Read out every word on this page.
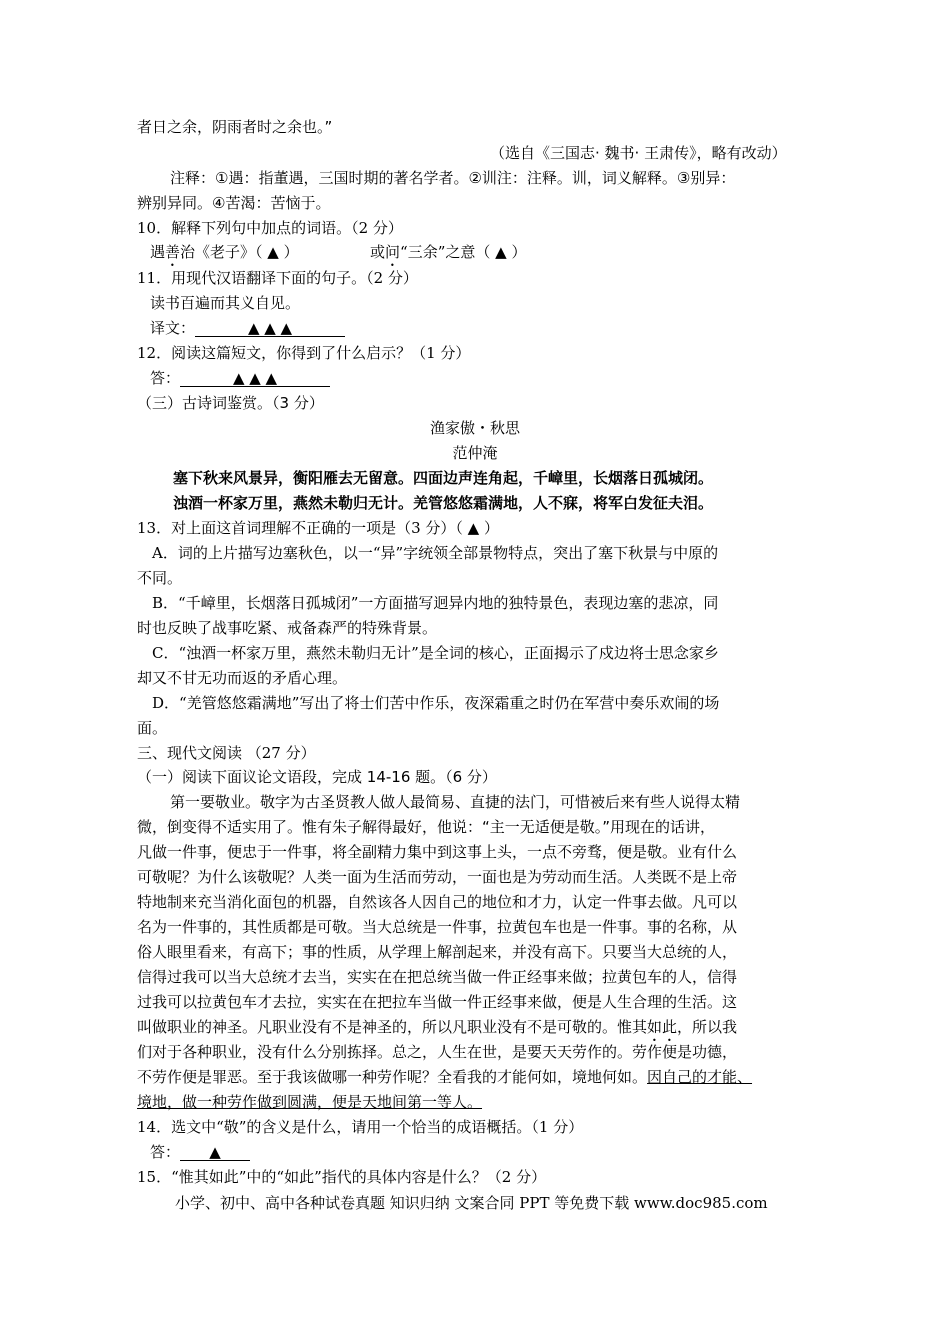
者日之余，阴雨者时之余也。”
（选自《三国志· 魏书· 王肃传》，略有改动）
注释：①遇：指董遇，三国时期的著名学者。②训注：注释。训，词义解释。③别异：
辨别异同。④苦渴：苦恼于。
10．解释下列句中加点的词语。（2 分）
遇善治《老子》（ ▲ ）	或问“三余”之意（ ▲ ）
11．用现代汉语翻译下面的句子。（2 分）
读书百遍而其义自见。
译文：	▲ ▲ ▲
12．阅读这篇短文，你得到了什么启示？（1 分）
答：	▲ ▲ ▲
（三）古诗词鉴赏。（3 分）
渔家傲・秋思
范仲淹
塞下秋来风景异，衡阳雁去无留意。四面边声连角起，千嶂里，长烟落日孤城闭。
浊酒一杯家万里，燕然未勒归无计。羌管悠悠霜满地，人不寐，将军白发征夫泪。
13．对上面这首词理解不正确的一项是（3 分）（ ▲ ）
A．词的上片描写边塞秋色，以一“异”字统领全部景物特点，突出了塞下秋景与中原的
不同。
B．“千嶂里，长烟落日孤城闭”一方面描写迥异内地的独特景色，表现边塞的悲凉，同
时也反映了战事吃紧、戒备森严的特殊背景。
C．“浊酒一杯家万里，燕然未勒归无计”是全词的核心，正面揭示了戍边将士思念家乡
却又不甘无功而返的矛盾心理。
D．“羌管悠悠霜满地”写出了将士们苦中作乐，夜深霜重之时仍在军营中奏乐欢闹的场
面。
三、现代文阅读 （27 分）
（一）阅读下面议论文语段，完成 14-16 题。（6 分）
第一要敬业。敬字为古圣贤教人做人最简易、直捷的法门，可惜被后来有些人说得太精
微，倒变得不适实用了。惟有朱子解得最好，他说：“主一无适便是敬。”用现在的话讲，
凡做一件事，便忠于一件事，将全副精力集中到这事上头，一点不旁骛，便是敬。业有什么
可敬呢？为什么该敬呢？人类一面为生活而劳动，一面也是为劳动而生活。人类既不是上帝
特地制来充当消化面包的机器，自然该各人因自己的地位和才力，认定一件事去做。凡可以
名为一件事的，其性质都是可敬。当大总统是一件事，拉黄包车也是一件事。事的名称，从
俗人眼里看来，有高下；事的性质，从学理上解剖起来，并没有高下。只要当大总统的人，
信得过我可以当大总统才去当，实实在在把总统当做一件正经事来做；拉黄包车的人，信得
过我可以拉黄包车才去拉，实实在在把拉车当做一件正经事来做，便是人生合理的生活。这
叫做职业的神圣。凡职业没有不是神圣的，所以凡职业没有不是可敬的。惟其如此，所以我
们对于各种职业，没有什么分别拣择。总之，人生在世，是要天天劳作的。劳作便是功德，
不劳作便是罪恶。至于我该做哪一种劳作呢？全看我的才能何如，境地何如。因自己的才能、
境地，做一种劳作做到圆满，便是天地间第一等人。
14．选文中“敬”的含义是什么，请用一个恰当的成语概括。（1 分）
答： ▲
15．“惟其如此”中的“如此”指代的具体内容是什么？（2 分）
小学、初中、高中各种试卷真题 知识归纳 文案合同 PPT 等免费下载 www.doc985.com
